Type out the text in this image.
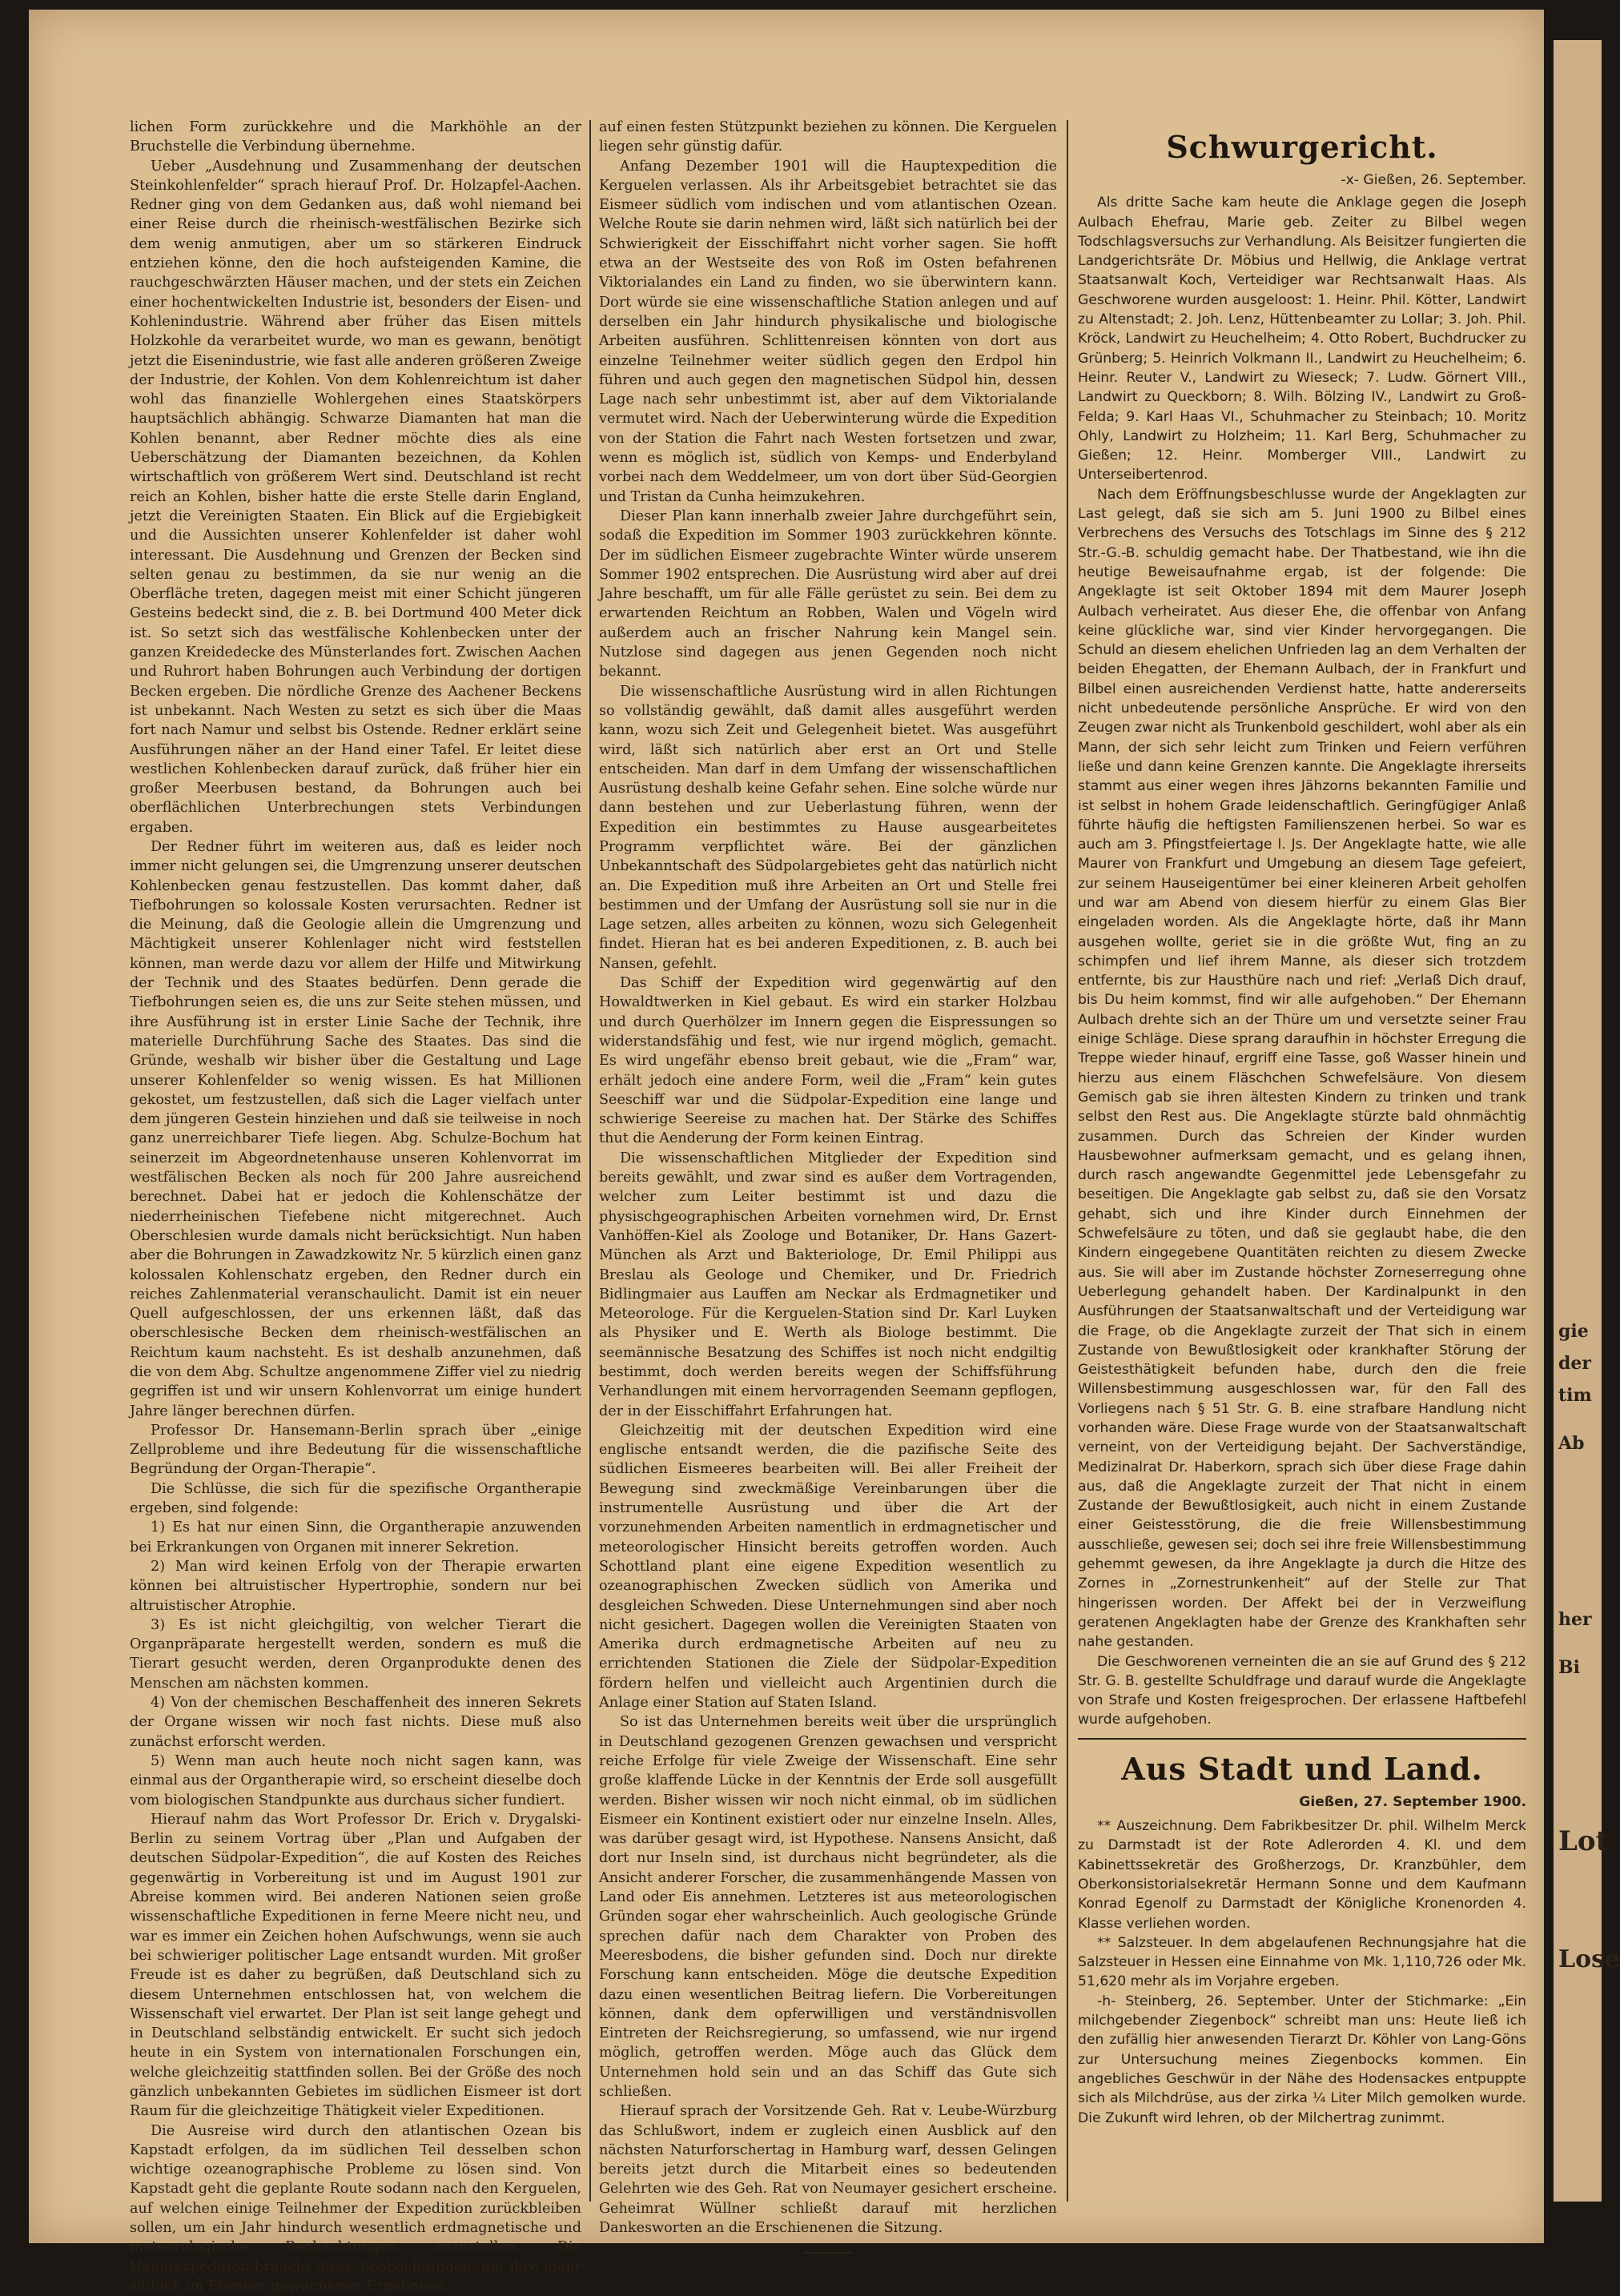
lichen Form zurückkehre und die Markhöhle an der Bruchstelle die Verbindung übernehme.

Ueber „Ausdehnung und Zusammenhang der deutschen Steinkohlenfelder“ sprach hierauf Prof. Dr. Holzapfel-Aachen. Redner ging von dem Gedanken aus, daß wohl niemand bei einer Reise durch die rheinisch-westfälischen Bezirke sich dem wenig anmutigen, aber um so stärkeren Eindruck entziehen könne, den die hoch aufsteigenden Kamine, die rauchgeschwärzten Häuser machen, und der stets ein Zeichen einer hochentwickelten Industrie ist, besonders der Eisen- und Kohlenindustrie. Während aber früher das Eisen mittels Holzkohle da verarbeitet wurde, wo man es gewann, benötigt jetzt die Eisenindustrie, wie fast alle anderen größeren Zweige der Industrie, der Kohlen. Von dem Kohlenreichtum ist daher wohl das finanzielle Wohlergehen eines Staatskörpers hauptsächlich abhängig. Schwarze Diamanten hat man die Kohlen benannt, aber Redner möchte dies als eine Ueberschätzung der Diamanten bezeichnen, da Kohlen wirtschaftlich von größerem Wert sind. Deutschland ist recht reich an Kohlen, bisher hatte die erste Stelle darin England, jetzt die Vereinigten Staaten. Ein Blick auf die Ergiebigkeit und die Aussichten unserer Kohlenfelder ist daher wohl interessant. Die Ausdehnung und Grenzen der Becken sind selten genau zu bestimmen, da sie nur wenig an die Oberfläche treten, dagegen meist mit einer Schicht jüngeren Gesteins bedeckt sind, die z. B. bei Dortmund 400 Meter dick ist. So setzt sich das westfälische Kohlenbecken unter der ganzen Kreidedecke des Münsterlandes fort. Zwischen Aachen und Ruhrort haben Bohrungen auch Verbindung der dortigen Becken ergeben. Die nördliche Grenze des Aachener Beckens ist unbekannt. Nach Westen zu setzt es sich über die Maas fort nach Namur und selbst bis Ostende. Redner erklärt seine Ausführungen näher an der Hand einer Tafel. Er leitet diese westlichen Kohlenbecken darauf zurück, daß früher hier ein großer Meerbusen bestand, da Bohrungen auch bei oberflächlichen Unterbrechungen stets Verbindungen ergaben.

Der Redner führt im weiteren aus, daß es leider noch immer nicht gelungen sei, die Umgrenzung unserer deutschen Kohlenbecken genau festzustellen. Das kommt daher, daß Tiefbohrungen so kolossale Kosten verursachten. Redner ist die Meinung, daß die Geologie allein die Umgrenzung und Mächtigkeit unserer Kohlenlager nicht wird feststellen können, man werde dazu vor allem der Hilfe und Mitwirkung der Technik und des Staates bedürfen. Denn gerade die Tiefbohrungen seien es, die uns zur Seite stehen müssen, und ihre Ausführung ist in erster Linie Sache der Technik, ihre materielle Durchführung Sache des Staates. Das sind die Gründe, weshalb wir bisher über die Gestaltung und Lage unserer Kohlenfelder so wenig wissen. Es hat Millionen gekostet, um festzustellen, daß sich die Lager vielfach unter dem jüngeren Gestein hinziehen und daß sie teilweise in noch ganz unerreichbarer Tiefe liegen. Abg. Schulze-Bochum hat seinerzeit im Abgeordnetenhause unseren Kohlenvorrat im westfälischen Becken als noch für 200 Jahre ausreichend berechnet. Dabei hat er jedoch die Kohlenschätze der niederrheinischen Tiefebene nicht mitgerechnet. Auch Oberschlesien wurde damals nicht berücksichtigt. Nun haben aber die Bohrungen in Zawadzkowitz Nr. 5 kürzlich einen ganz kolossalen Kohlenschatz ergeben, den Redner durch ein reiches Zahlenmaterial veranschaulicht. Damit ist ein neuer Quell aufgeschlossen, der uns erkennen läßt, daß das oberschlesische Becken dem rheinisch-westfälischen an Reichtum kaum nachsteht. Es ist deshalb anzunehmen, daß die von dem Abg. Schultze angenommene Ziffer viel zu niedrig gegriffen ist und wir unsern Kohlenvorrat um einige hundert Jahre länger berechnen dürfen.

Professor Dr. Hansemann-Berlin sprach über „einige Zellprobleme und ihre Bedeutung für die wissenschaftliche Begründung der Organ-Therapie“.

Die Schlüsse, die sich für die spezifische Organtherapie ergeben, sind folgende:

1) Es hat nur einen Sinn, die Organtherapie anzuwenden bei Erkrankungen von Organen mit innerer Sekretion.

2) Man wird keinen Erfolg von der Therapie erwarten können bei altruistischer Hypertrophie, sondern nur bei altruistischer Atrophie.

3) Es ist nicht gleichgiltig, von welcher Tierart die Organpräparate hergestellt werden, sondern es muß die Tierart gesucht werden, deren Organprodukte denen des Menschen am nächsten kommen.

4) Von der chemischen Beschaffenheit des inneren Sekrets der Organe wissen wir noch fast nichts. Diese muß also zunächst erforscht werden.

5) Wenn man auch heute noch nicht sagen kann, was einmal aus der Organtherapie wird, so erscheint dieselbe doch vom biologischen Standpunkte aus durchaus sicher fundiert.

Hierauf nahm das Wort Professor Dr. Erich v. Drygalski-Berlin zu seinem Vortrag über „Plan und Aufgaben der deutschen Südpolar-Expedition“, die auf Kosten des Reiches gegenwärtig in Vorbereitung ist und im August 1901 zur Abreise kommen wird. Bei anderen Nationen seien große wissenschaftliche Expeditionen in ferne Meere nicht neu, und war es immer ein Zeichen hohen Aufschwungs, wenn sie auch bei schwieriger politischer Lage entsandt wurden. Mit großer Freude ist es daher zu begrüßen, daß Deutschland sich zu diesem Unternehmen entschlossen hat, von welchem die Wissenschaft viel erwartet. Der Plan ist seit lange gehegt und in Deutschland selbständig entwickelt. Er sucht sich jedoch heute in ein System von internationalen Forschungen ein, welche gleichzeitig stattfinden sollen. Bei der Größe des noch gänzlich unbekannten Gebietes im südlichen Eismeer ist dort Raum für die gleichzeitige Thätigkeit vieler Expeditionen.

Die Ausreise wird durch den atlantischen Ozean bis Kapstadt erfolgen, da im südlichen Teil desselben schon wichtige ozeanographische Probleme zu lösen sind. Von Kapstadt geht die geplante Route sodann nach den Kerguelen, auf welchen einige Teilnehmer der Expedition zurückbleiben sollen, um ein Jahr hindurch wesentlich erdmagnetische und meteorologische Beobachtungen anzustellen. Die Hauptexpedition braucht diese Beobachtungen, um ihre mehr südlich im Eismeer gewonnenen Ergebnisse

auf einen festen Stützpunkt beziehen zu können. Die Kerguelen liegen sehr günstig dafür.

Anfang Dezember 1901 will die Hauptexpedition die Kerguelen verlassen. Als ihr Arbeitsgebiet betrachtet sie das Eismeer südlich vom indischen und vom atlantischen Ozean. Welche Route sie darin nehmen wird, läßt sich natürlich bei der Schwierigkeit der Eisschiffahrt nicht vorher sagen. Sie hofft etwa an der Westseite des von Roß im Osten befahrenen Viktorialandes ein Land zu finden, wo sie überwintern kann. Dort würde sie eine wissenschaftliche Station anlegen und auf derselben ein Jahr hindurch physikalische und biologische Arbeiten ausführen. Schlittenreisen könnten von dort aus einzelne Teilnehmer weiter südlich gegen den Erdpol hin führen und auch gegen den magnetischen Südpol hin, dessen Lage nach sehr unbestimmt ist, aber auf dem Viktorialande vermutet wird. Nach der Ueberwinterung würde die Expedition von der Station die Fahrt nach Westen fortsetzen und zwar, wenn es möglich ist, südlich von Kemps- und Enderbyland vorbei nach dem Weddelmeer, um von dort über Süd-Georgien und Tristan da Cunha heimzukehren.

Dieser Plan kann innerhalb zweier Jahre durchgeführt sein, sodaß die Expedition im Sommer 1903 zurückkehren könnte. Der im südlichen Eismeer zugebrachte Winter würde unserem Sommer 1902 entsprechen. Die Ausrüstung wird aber auf drei Jahre beschafft, um für alle Fälle gerüstet zu sein. Bei dem zu erwartenden Reichtum an Robben, Walen und Vögeln wird außerdem auch an frischer Nahrung kein Mangel sein. Nutzlose sind dagegen aus jenen Gegenden noch nicht bekannt.

Die wissenschaftliche Ausrüstung wird in allen Richtungen so vollständig gewählt, daß damit alles ausgeführt werden kann, wozu sich Zeit und Gelegenheit bietet. Was ausgeführt wird, läßt sich natürlich aber erst an Ort und Stelle entscheiden. Man darf in dem Umfang der wissenschaftlichen Ausrüstung deshalb keine Gefahr sehen. Eine solche würde nur dann bestehen und zur Ueberlastung führen, wenn der Expedition ein bestimmtes zu Hause ausgearbeitetes Programm verpflichtet wäre. Bei der gänzlichen Unbekanntschaft des Südpolargebietes geht das natürlich nicht an. Die Expedition muß ihre Arbeiten an Ort und Stelle frei bestimmen und der Umfang der Ausrüstung soll sie nur in die Lage setzen, alles arbeiten zu können, wozu sich Gelegenheit findet. Hieran hat es bei anderen Expeditionen, z. B. auch bei Nansen, gefehlt.

Das Schiff der Expedition wird gegenwärtig auf den Howaldtwerken in Kiel gebaut. Es wird ein starker Holzbau und durch Querhölzer im Innern gegen die Eispressungen so widerstandsfähig und fest, wie nur irgend möglich, gemacht. Es wird ungefähr ebenso breit gebaut, wie die „Fram“ war, erhält jedoch eine andere Form, weil die „Fram“ kein gutes Seeschiff war und die Südpolar-Expedition eine lange und schwierige Seereise zu machen hat. Der Stärke des Schiffes thut die Aenderung der Form keinen Eintrag.

Die wissenschaftlichen Mitglieder der Expedition sind bereits gewählt, und zwar sind es außer dem Vortragenden, welcher zum Leiter bestimmt ist und dazu die physischgeographischen Arbeiten vornehmen wird, Dr. Ernst Vanhöffen-Kiel als Zoologe und Botaniker, Dr. Hans Gazert-München als Arzt und Bakteriologe, Dr. Emil Philippi aus Breslau als Geologe und Chemiker, und Dr. Friedrich Bidlingmaier aus Lauffen am Neckar als Erdmagnetiker und Meteorologe. Für die Kerguelen-Station sind Dr. Karl Luyken als Physiker und E. Werth als Biologe bestimmt. Die seemännische Besatzung des Schiffes ist noch nicht endgiltig bestimmt, doch werden bereits wegen der Schiffsführung Verhandlungen mit einem hervorragenden Seemann gepflogen, der in der Eisschiffahrt Erfahrungen hat.

Gleichzeitig mit der deutschen Expedition wird eine englische entsandt werden, die die pazifische Seite des südlichen Eismeeres bearbeiten will. Bei aller Freiheit der Bewegung sind zweckmäßige Vereinbarungen über die instrumentelle Ausrüstung und über die Art der vorzunehmenden Arbeiten namentlich in erdmagnetischer und meteorologischer Hinsicht bereits getroffen worden. Auch Schottland plant eine eigene Expedition wesentlich zu ozeanographischen Zwecken südlich von Amerika und desgleichen Schweden. Diese Unternehmungen sind aber noch nicht gesichert. Dagegen wollen die Vereinigten Staaten von Amerika durch erdmagnetische Arbeiten auf neu zu errichtenden Stationen die Ziele der Südpolar-Expedition fördern helfen und vielleicht auch Argentinien durch die Anlage einer Station auf Staten Island.

So ist das Unternehmen bereits weit über die ursprünglich in Deutschland gezogenen Grenzen gewachsen und verspricht reiche Erfolge für viele Zweige der Wissenschaft. Eine sehr große klaffende Lücke in der Kenntnis der Erde soll ausgefüllt werden. Bisher wissen wir noch nicht einmal, ob im südlichen Eismeer ein Kontinent existiert oder nur einzelne Inseln. Alles, was darüber gesagt wird, ist Hypothese. Nansens Ansicht, daß dort nur Inseln sind, ist durchaus nicht begründeter, als die Ansicht anderer Forscher, die zusammenhängende Massen von Land oder Eis annehmen. Letzteres ist aus meteorologischen Gründen sogar eher wahrscheinlich. Auch geologische Gründe sprechen dafür nach dem Charakter von Proben des Meeresbodens, die bisher gefunden sind. Doch nur direkte Forschung kann entscheiden. Möge die deutsche Expedition dazu einen wesentlichen Beitrag liefern. Die Vorbereitungen können, dank dem opferwilligen und verständnisvollen Eintreten der Reichsregierung, so umfassend, wie nur irgend möglich, getroffen werden. Möge auch das Glück dem Unternehmen hold sein und an das Schiff das Gute sich schließen.

Hierauf sprach der Vorsitzende Geh. Rat v. Leube-Würzburg das Schlußwort, indem er zugleich einen Ausblick auf den nächsten Naturforschertag in Hamburg warf, dessen Gelingen bereits jetzt durch die Mitarbeit eines so bedeutenden Gelehrten wie des Geh. Rat von Neumayer gesichert erscheine. Geheimrat Wüllner schließt darauf mit herzlichen Dankesworten an die Erschienenen die Sitzung.

Schwurgericht.
-x- Gießen, 26. September.

Als dritte Sache kam heute die Anklage gegen die Joseph Aulbach Ehefrau, Marie geb. Zeiter zu Bilbel wegen Todschlagsversuchs zur Verhandlung. Als Beisitzer fungierten die Landgerichtsräte Dr. Möbius und Hellwig, die Anklage vertrat Staatsanwalt Koch, Verteidiger war Rechtsanwalt Haas. Als Geschworene wurden ausgeloost: 1. Heinr. Phil. Kötter, Landwirt zu Altenstadt; 2. Joh. Lenz, Hüttenbeamter zu Lollar; 3. Joh. Phil. Kröck, Landwirt zu Heuchelheim; 4. Otto Robert, Buchdrucker zu Grünberg; 5. Heinrich Volkmann II., Landwirt zu Heuchelheim; 6. Heinr. Reuter V., Landwirt zu Wieseck; 7. Ludw. Görnert VIII., Landwirt zu Queckborn; 8. Wilh. Bölzing IV., Landwirt zu Groß-Felda; 9. Karl Haas VI., Schuhmacher zu Steinbach; 10. Moritz Ohly, Landwirt zu Holzheim; 11. Karl Berg, Schuhmacher zu Gießen; 12. Heinr. Momberger VIII., Landwirt zu Unterseibertenrod.

Nach dem Eröffnungsbeschlusse wurde der Angeklagten zur Last gelegt, daß sie sich am 5. Juni 1900 zu Bilbel eines Verbrechens des Versuchs des Totschlags im Sinne des § 212 Str.-G.-B. schuldig gemacht habe. Der Thatbestand, wie ihn die heutige Beweisaufnahme ergab, ist der folgende: Die Angeklagte ist seit Oktober 1894 mit dem Maurer Joseph Aulbach verheiratet. Aus dieser Ehe, die offenbar von Anfang keine glückliche war, sind vier Kinder hervorgegangen. Die Schuld an diesem ehelichen Unfrieden lag an dem Verhalten der beiden Ehegatten, der Ehemann Aulbach, der in Frankfurt und Bilbel einen ausreichenden Verdienst hatte, hatte andererseits nicht unbedeutende persönliche Ansprüche. Er wird von den Zeugen zwar nicht als Trunkenbold geschildert, wohl aber als ein Mann, der sich sehr leicht zum Trinken und Feiern verführen ließe und dann keine Grenzen kannte. Die Angeklagte ihrerseits stammt aus einer wegen ihres Jähzorns bekannten Familie und ist selbst in hohem Grade leidenschaftlich. Geringfügiger Anlaß führte häufig die heftigsten Familienszenen herbei. So war es auch am 3. Pfingstfeiertage l. Js. Der Angeklagte hatte, wie alle Maurer von Frankfurt und Umgebung an diesem Tage gefeiert, zur seinem Hauseigentümer bei einer kleineren Arbeit geholfen und war am Abend von diesem hierfür zu einem Glas Bier eingeladen worden. Als die Angeklagte hörte, daß ihr Mann ausgehen wollte, geriet sie in die größte Wut, fing an zu schimpfen und lief ihrem Manne, als dieser sich trotzdem entfernte, bis zur Hausthüre nach und rief: „Verlaß Dich drauf, bis Du heim kommst, find wir alle aufgehoben.“ Der Ehemann Aulbach drehte sich an der Thüre um und versetzte seiner Frau einige Schläge. Diese sprang daraufhin in höchster Erregung die Treppe wieder hinauf, ergriff eine Tasse, goß Wasser hinein und hierzu aus einem Fläschchen Schwefelsäure. Von diesem Gemisch gab sie ihren ältesten Kindern zu trinken und trank selbst den Rest aus. Die Angeklagte stürzte bald ohnmächtig zusammen. Durch das Schreien der Kinder wurden Hausbewohner aufmerksam gemacht, und es gelang ihnen, durch rasch angewandte Gegenmittel jede Lebensgefahr zu beseitigen. Die Angeklagte gab selbst zu, daß sie den Vorsatz gehabt, sich und ihre Kinder durch Einnehmen der Schwefelsäure zu töten, und daß sie geglaubt habe, die den Kindern eingegebene Quantitäten reichten zu diesem Zwecke aus. Sie will aber im Zustande höchster Zorneserregung ohne Ueberlegung gehandelt haben. Der Kardinalpunkt in den Ausführungen der Staatsanwaltschaft und der Verteidigung war die Frage, ob die Angeklagte zurzeit der That sich in einem Zustande von Bewußtlosigkeit oder krankhafter Störung der Geistesthätigkeit befunden habe, durch den die freie Willensbestimmung ausgeschlossen war, für den Fall des Vorliegens nach § 51 Str. G. B. eine strafbare Handlung nicht vorhanden wäre. Diese Frage wurde von der Staatsanwaltschaft verneint, von der Verteidigung bejaht. Der Sachverständige, Medizinalrat Dr. Haberkorn, sprach sich über diese Frage dahin aus, daß die Angeklagte zurzeit der That nicht in einem Zustande der Bewußtlosigkeit, auch nicht in einem Zustande einer Geistesstörung, die die freie Willensbestimmung ausschließe, gewesen sei; doch sei ihre freie Willensbestimmung gehemmt gewesen, da ihre Angeklagte ja durch die Hitze des Zornes in „Zornestrunkenheit“ auf der Stelle zur That hingerissen worden. Der Affekt bei der in Verzweiflung geratenen Angeklagten habe der Grenze des Krankhaften sehr nahe gestanden.

Die Geschworenen verneinten die an sie auf Grund des § 212 Str. G. B. gestellte Schuldfrage und darauf wurde die Angeklagte von Strafe und Kosten freigesprochen. Der erlassene Haftbefehl wurde aufgehoben.

Aus Stadt und Land.
Gießen, 27. September 1900.

** Auszeichnung. Dem Fabrikbesitzer Dr. phil. Wilhelm Merck zu Darmstadt ist der Rote Adlerorden 4. Kl. und dem Kabinettssekretär des Großherzogs, Dr. Kranzbühler, dem Oberkonsistorialsekretär Hermann Sonne und dem Kaufmann Konrad Egenolf zu Darmstadt der Königliche Kronenorden 4. Klasse verliehen worden.

** Salzsteuer. In dem abgelaufenen Rechnungsjahre hat die Salzsteuer in Hessen eine Einnahme von Mk. 1,110,726 oder Mk. 51,620 mehr als im Vorjahre ergeben.

-h- Steinberg, 26. September. Unter der Stichmarke: „Ein milchgebender Ziegenbock“ schreibt man uns: Heute ließ ich den zufällig hier anwesenden Tierarzt Dr. Köhler von Lang-Göns zur Untersuchung meines Ziegenbocks kommen. Ein angebliches Geschwür in der Nähe des Hodensackes entpuppte sich als Milchdrüse, aus der zirka ¼ Liter Milch gemolken wurde. Die Zukunft wird lehren, ob der Milchertrag zunimmt.

gie
der
tim
Ab
her
Bi
Lot
Lose
